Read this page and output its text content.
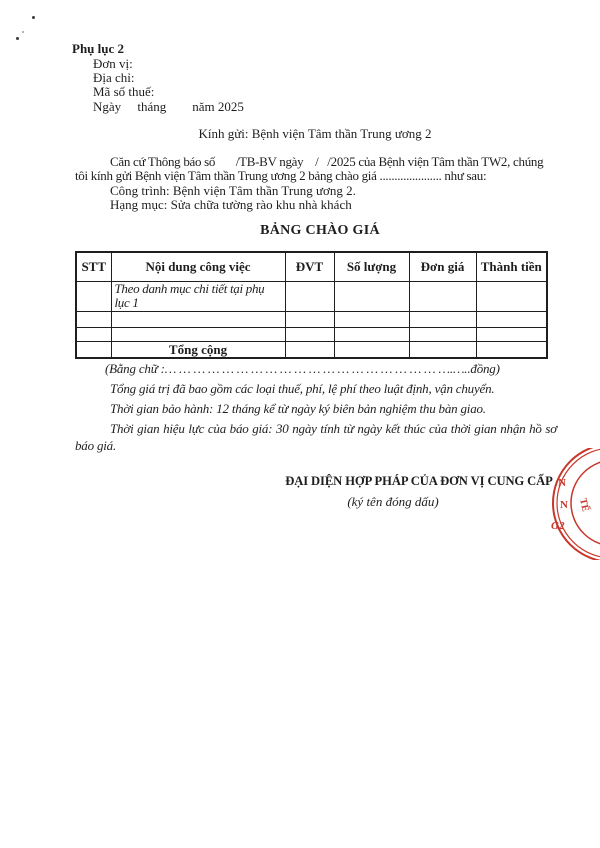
Phụ lục 2
Đơn vị:
Địa chỉ:
Mã số thuế:
Ngày     tháng        năm 2025
Kính gửi: Bệnh viện Tâm thần Trung ương 2
Căn cứ Thông báo số       /TB-BV ngày    /   /2025 của Bệnh viện Tâm thần TW2, chúng
tôi kính gửi Bệnh viện Tâm thần Trung ương 2 bảng chào giá ..................... như sau:
Công trình: Bệnh viện Tâm thần Trung ương 2.
Hạng mục: Sửa chữa tường rào khu nhà khách
BẢNG CHÀO GIÁ
STT	Nội dung công việc	ĐVT	Số lượng	Đơn giá	Thành tiền
	Theo danh mục chi tiết tại phụ lục 1				

	Tổng cộng				
(Bằng chữ :… … … … … … … … … … … … … … … … … … … ….…..đồng)
Tổng giá trị đã bao gồm các loại thuế, phí, lệ phí theo luật định, vận chuyển.
Thời gian bảo hành: 12 tháng kể từ ngày ký biên bản nghiệm thu bàn giao.
Thời gian hiệu lực của báo giá: 30 ngày tính từ ngày kết thúc của thời gian nhận hồ sơ
báo giá.
ĐẠI DIỆN HỢP PHÁP CỦA ĐƠN VỊ CUNG CẤP
(ký tên đóng dấu)
N
N
G2
TẾ
